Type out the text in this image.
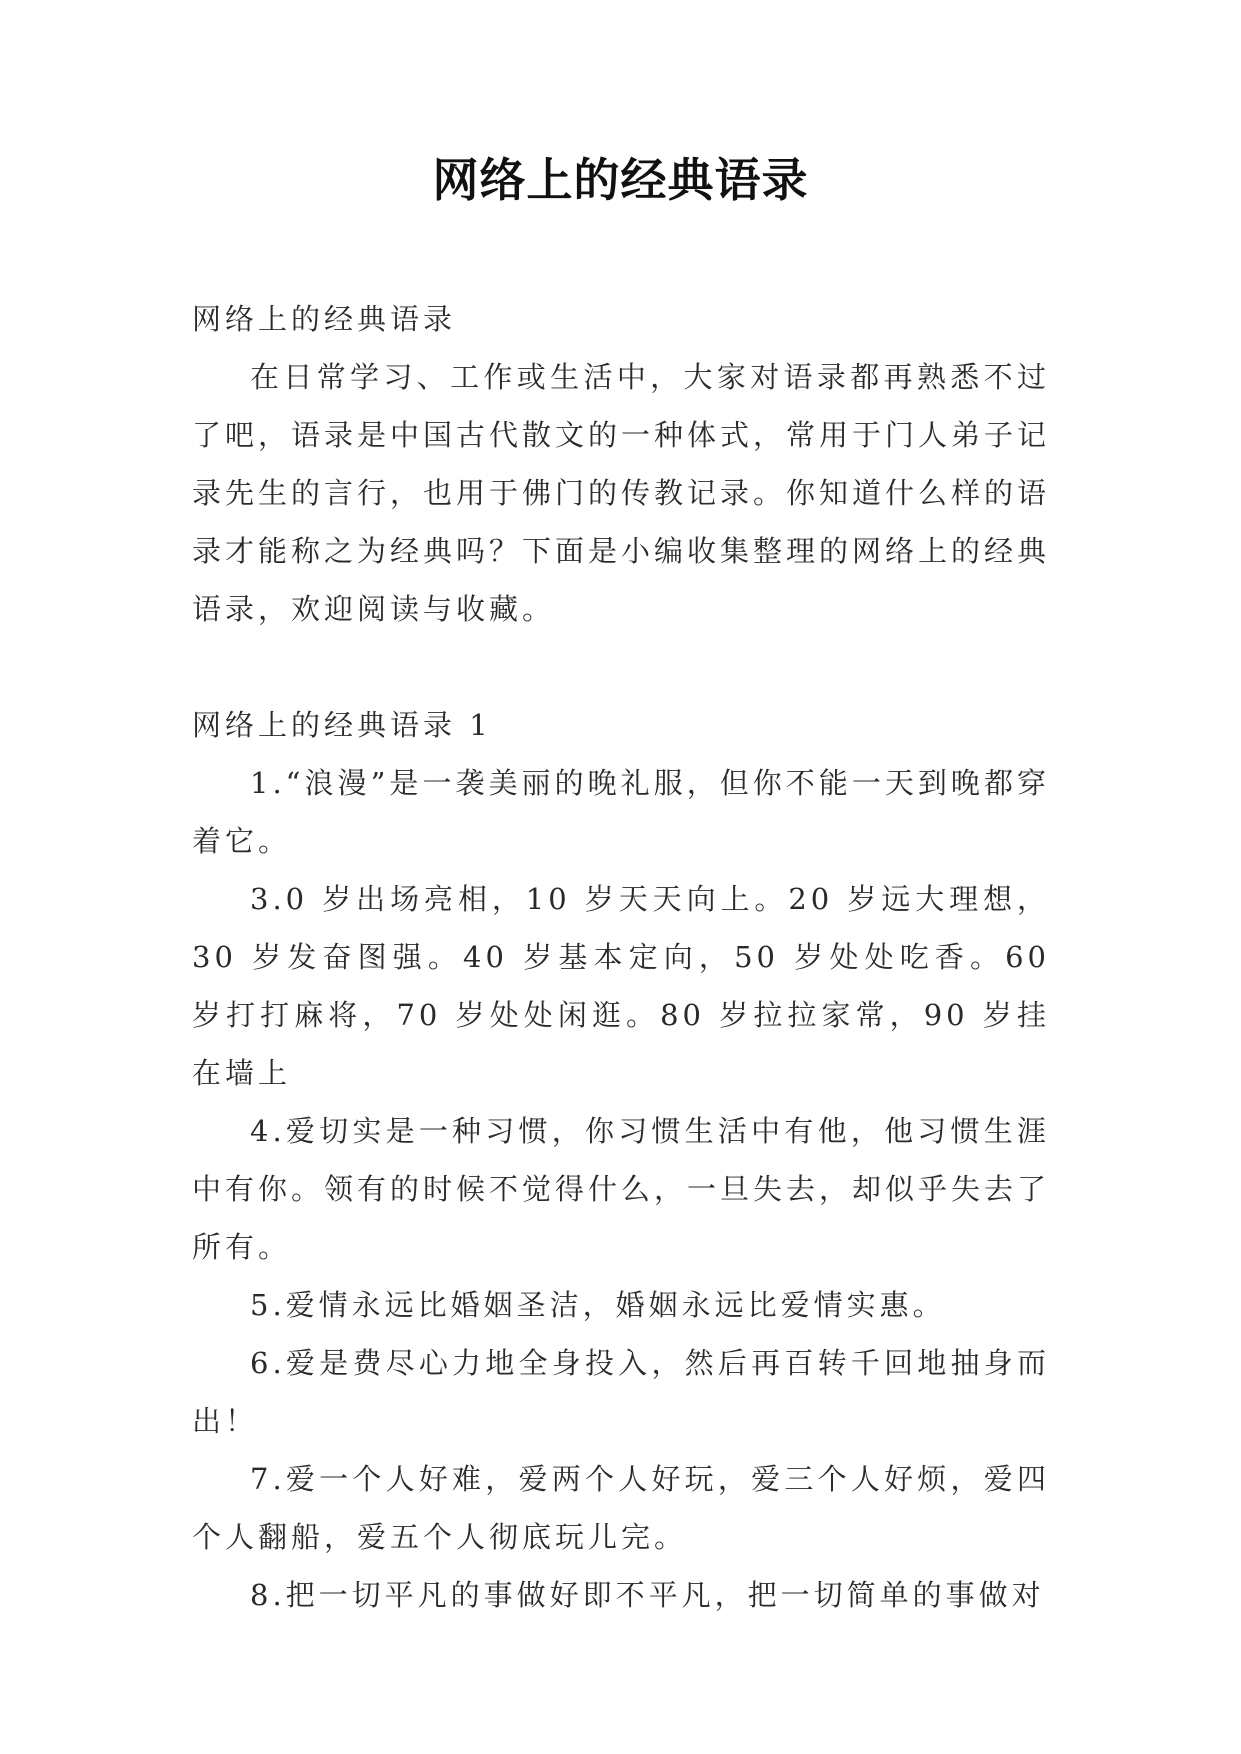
网络上的经典语录

网络上的经典语录

在日常学习、工作或生活中，大家对语录都再熟悉不过了吧，语录是中国古代散文的一种体式，常用于门人弟子记录先生的言行，也用于佛门的传教记录。你知道什么样的语录才能称之为经典吗？下面是小编收集整理的网络上的经典语录，欢迎阅读与收藏。

网络上的经典语录 1

1.“浪漫”是一袭美丽的晚礼服，但你不能一天到晚都穿着它。

3.0 岁出场亮相，10 岁天天向上。20 岁远大理想，30 岁发奋图强。40 岁基本定向，50 岁处处吃香。60 岁打打麻将，70 岁处处闲逛。80 岁拉拉家常，90 岁挂在墙上

4.爱切实是一种习惯，你习惯生活中有他，他习惯生涯中有你。领有的时候不觉得什么，一旦失去，却似乎失去了所有。

5.爱情永远比婚姻圣洁，婚姻永远比爱情实惠。

6.爱是费尽心力地全身投入，然后再百转千回地抽身而出！

7.爱一个人好难，爱两个人好玩，爱三个人好烦，爱四个人翻船，爱五个人彻底玩儿完。

8.把一切平凡的事做好即不平凡，把一切简单的事做对
